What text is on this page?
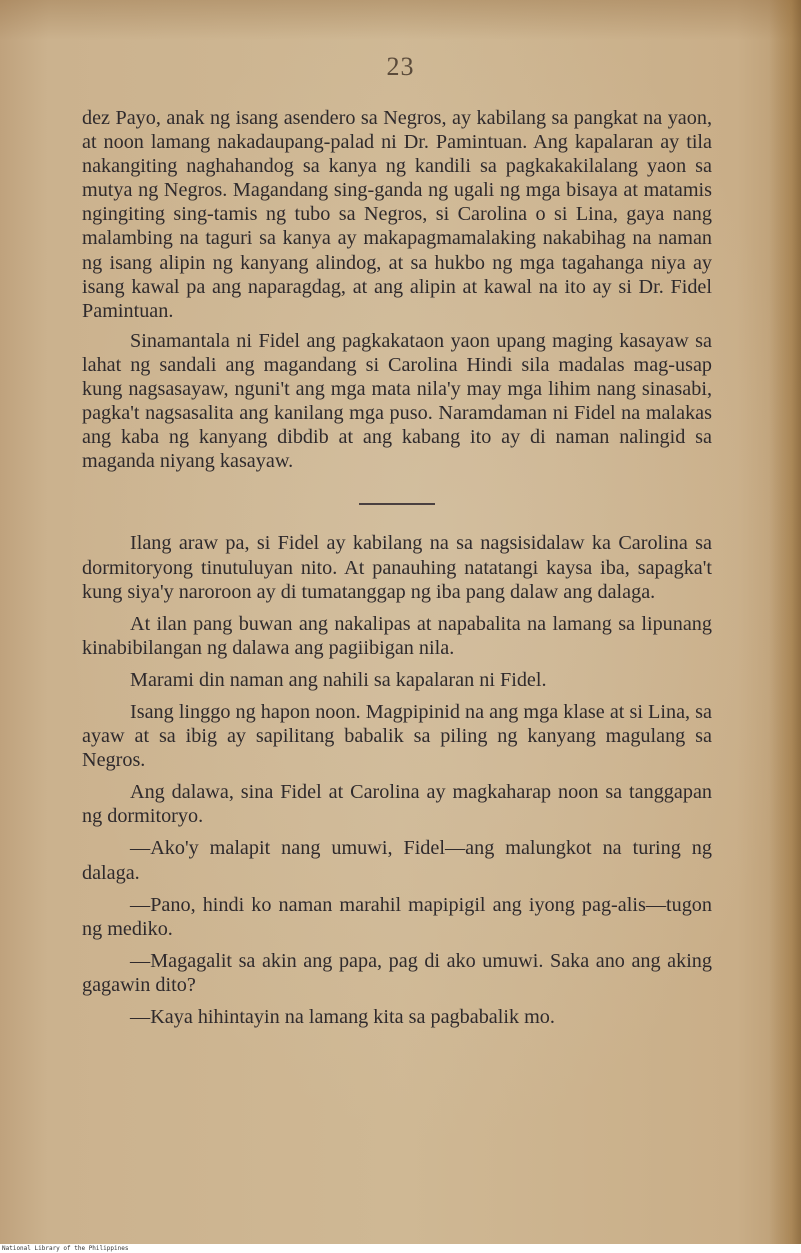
23

dez Payo, anak ng isang asendero sa Negros, ay kabilang sa pangkat na yaon, at noon lamang nakadaupang-palad ni Dr. Pamintuan. Ang kapalaran ay tila nakangiting naghahandog sa kanya ng kandili sa pagkakakilalang yaon sa mutya ng Negros. Magandang sing-ganda ng ugali ng mga bisaya at matamis ngingiting sing-tamis ng tubo sa Negros, si Carolina o si Lina, gaya nang malambing na taguri sa kanya ay makapagmamalaking nakabihag na naman ng isang alipin ng kanyang alindog, at sa hukbo ng mga tagahanga niya ay isang kawal pa ang naparagdag, at ang alipin at kawal na ito ay si Dr. Fidel Pamintuan.

Sinamantala ni Fidel ang pagkakataon yaon upang maging kasayaw sa lahat ng sandali ang magandang si Carolina Hindi sila madalas mag-usap kung nagsasayaw, nguni't ang mga mata nila'y may mga lihim nang sinasabi, pagka't nagsasalita ang kanilang mga puso. Naramdaman ni Fidel na malakas ang kaba ng kanyang dibdib at ang kabang ito ay di naman nalingid sa maganda niyang kasayaw.

Ilang araw pa, si Fidel ay kabilang na sa nagsisidalaw ka Carolina sa dormitoryong tinutuluyan nito. At panauhing natatangi kaysa iba, sapagka't kung siya'y naroroon ay di tumatanggap ng iba pang dalaw ang dalaga.

At ilan pang buwan ang nakalipas at napabalita na lamang sa lipunang kinabibilangan ng dalawa ang pagiibigan nila.

Marami din naman ang nahili sa kapalaran ni Fidel.

Isang linggo ng hapon noon. Magpipinid na ang mga klase at si Lina, sa ayaw at sa ibig ay sapilitang babalik sa piling ng kanyang magulang sa Negros.

Ang dalawa, sina Fidel at Carolina ay magkaharap noon sa tanggapan ng dormitoryo.

—Ako'y malapit nang umuwi, Fidel—ang malungkot na turing ng dalaga.

—Pano, hindi ko naman marahil mapipigil ang iyong pag-alis—tugon ng mediko.

—Magagalit sa akin ang papa, pag di ako umuwi. Saka ano ang aking gagawin dito?

—Kaya hihintayin na lamang kita sa pagbabalik mo.

National Library of the Philippines
